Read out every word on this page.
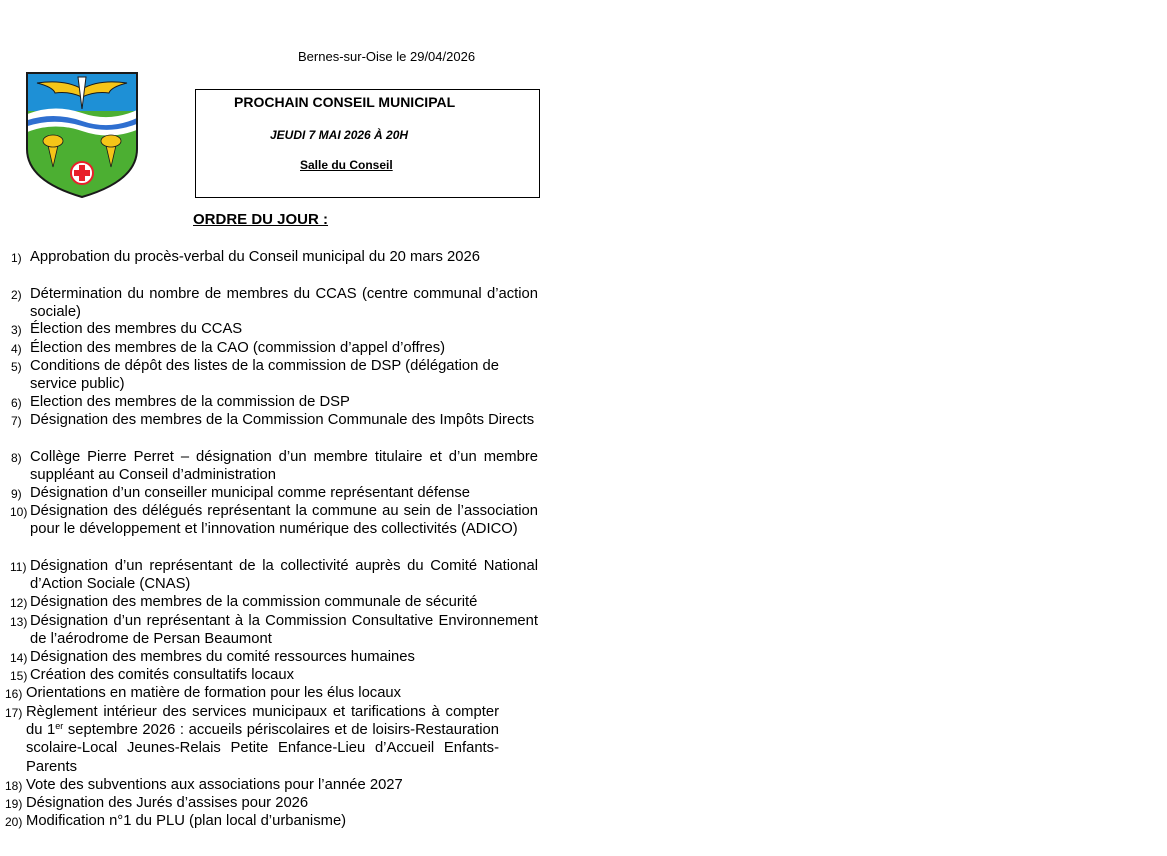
Bernes-sur-Oise le 29/04/2026
PROCHAIN CONSEIL MUNICIPAL
JEUDI 7 MAI 2026 À 20H
Salle du Conseil
ORDRE DU JOUR :
1) Approbation du procès-verbal du Conseil municipal du 20 mars 2026
2) Détermination du nombre de membres du CCAS (centre communal d’action sociale)
3) Élection des membres du CCAS
4) Élection des membres de la CAO (commission d’appel d’offres)
5) Conditions de dépôt des listes de la commission de DSP (délégation de service public)
6) Election des membres de la commission de DSP
7) Désignation des membres de la Commission Communale des Impôts Directs
8) Collège Pierre Perret – désignation d’un membre titulaire et d’un membre suppléant au Conseil d’administration
9) Désignation d’un conseiller municipal comme représentant défense
10) Désignation des délégués représentant la commune au sein de l’association pour le développement et l’innovation numérique des collectivités (ADICO)
11) Désignation d’un représentant de la collectivité auprès du Comité National d’Action Sociale (CNAS)
12) Désignation des membres de la commission communale de sécurité
13) Désignation d’un représentant à la Commission Consultative Environnement de l’aérodrome de Persan Beaumont
14) Désignation des membres du comité ressources humaines
15) Création des comités consultatifs locaux
16) Orientations en matière de formation pour les élus locaux
17) Règlement intérieur des services municipaux et tarifications à compter du 1er septembre 2026 : accueils périscolaires et de loisirs-Restauration scolaire-Local Jeunes-Relais Petite Enfance-Lieu d’Accueil Enfants-Parents
18) Vote des subventions aux associations pour l’année 2027
19) Désignation des Jurés d’assises pour 2026
20) Modification n°1 du PLU (plan local d’urbanisme)
